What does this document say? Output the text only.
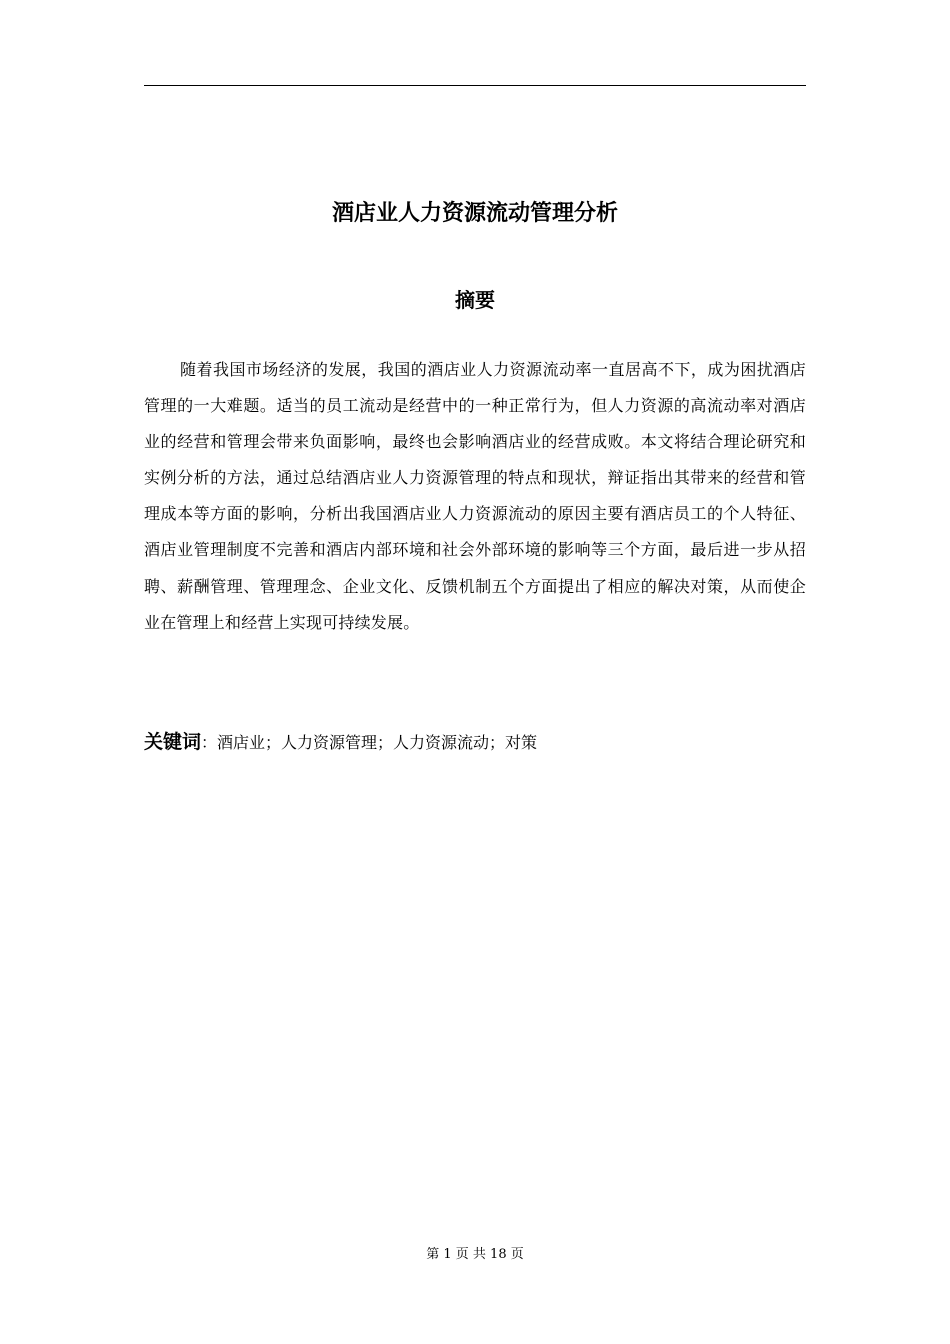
酒店业人力资源流动管理分析
摘要

随着我国市场经济的发展，我国的酒店业人力资源流动率一直居高不下，成为困扰酒店管理的一大难题。适当的员工流动是经营中的一种正常行为，但人力资源的高流动率对酒店业的经营和管理会带来负面影响，最终也会影响酒店业的经营成败。本文将结合理论研究和实例分析的方法，通过总结酒店业人力资源管理的特点和现状，辩证指出其带来的经营和管理成本等方面的影响，分析出我国酒店业人力资源流动的原因主要有酒店员工的个人特征、酒店业管理制度不完善和酒店内部环境和社会外部环境的影响等三个方面，最后进一步从招聘、薪酬管理、管理理念、企业文化、反馈机制五个方面提出了相应的解决对策，从而使企业在管理上和经营上实现可持续发展。

关键词：酒店业；人力资源管理；人力资源流动；对策

第 1 页 共 18 页
